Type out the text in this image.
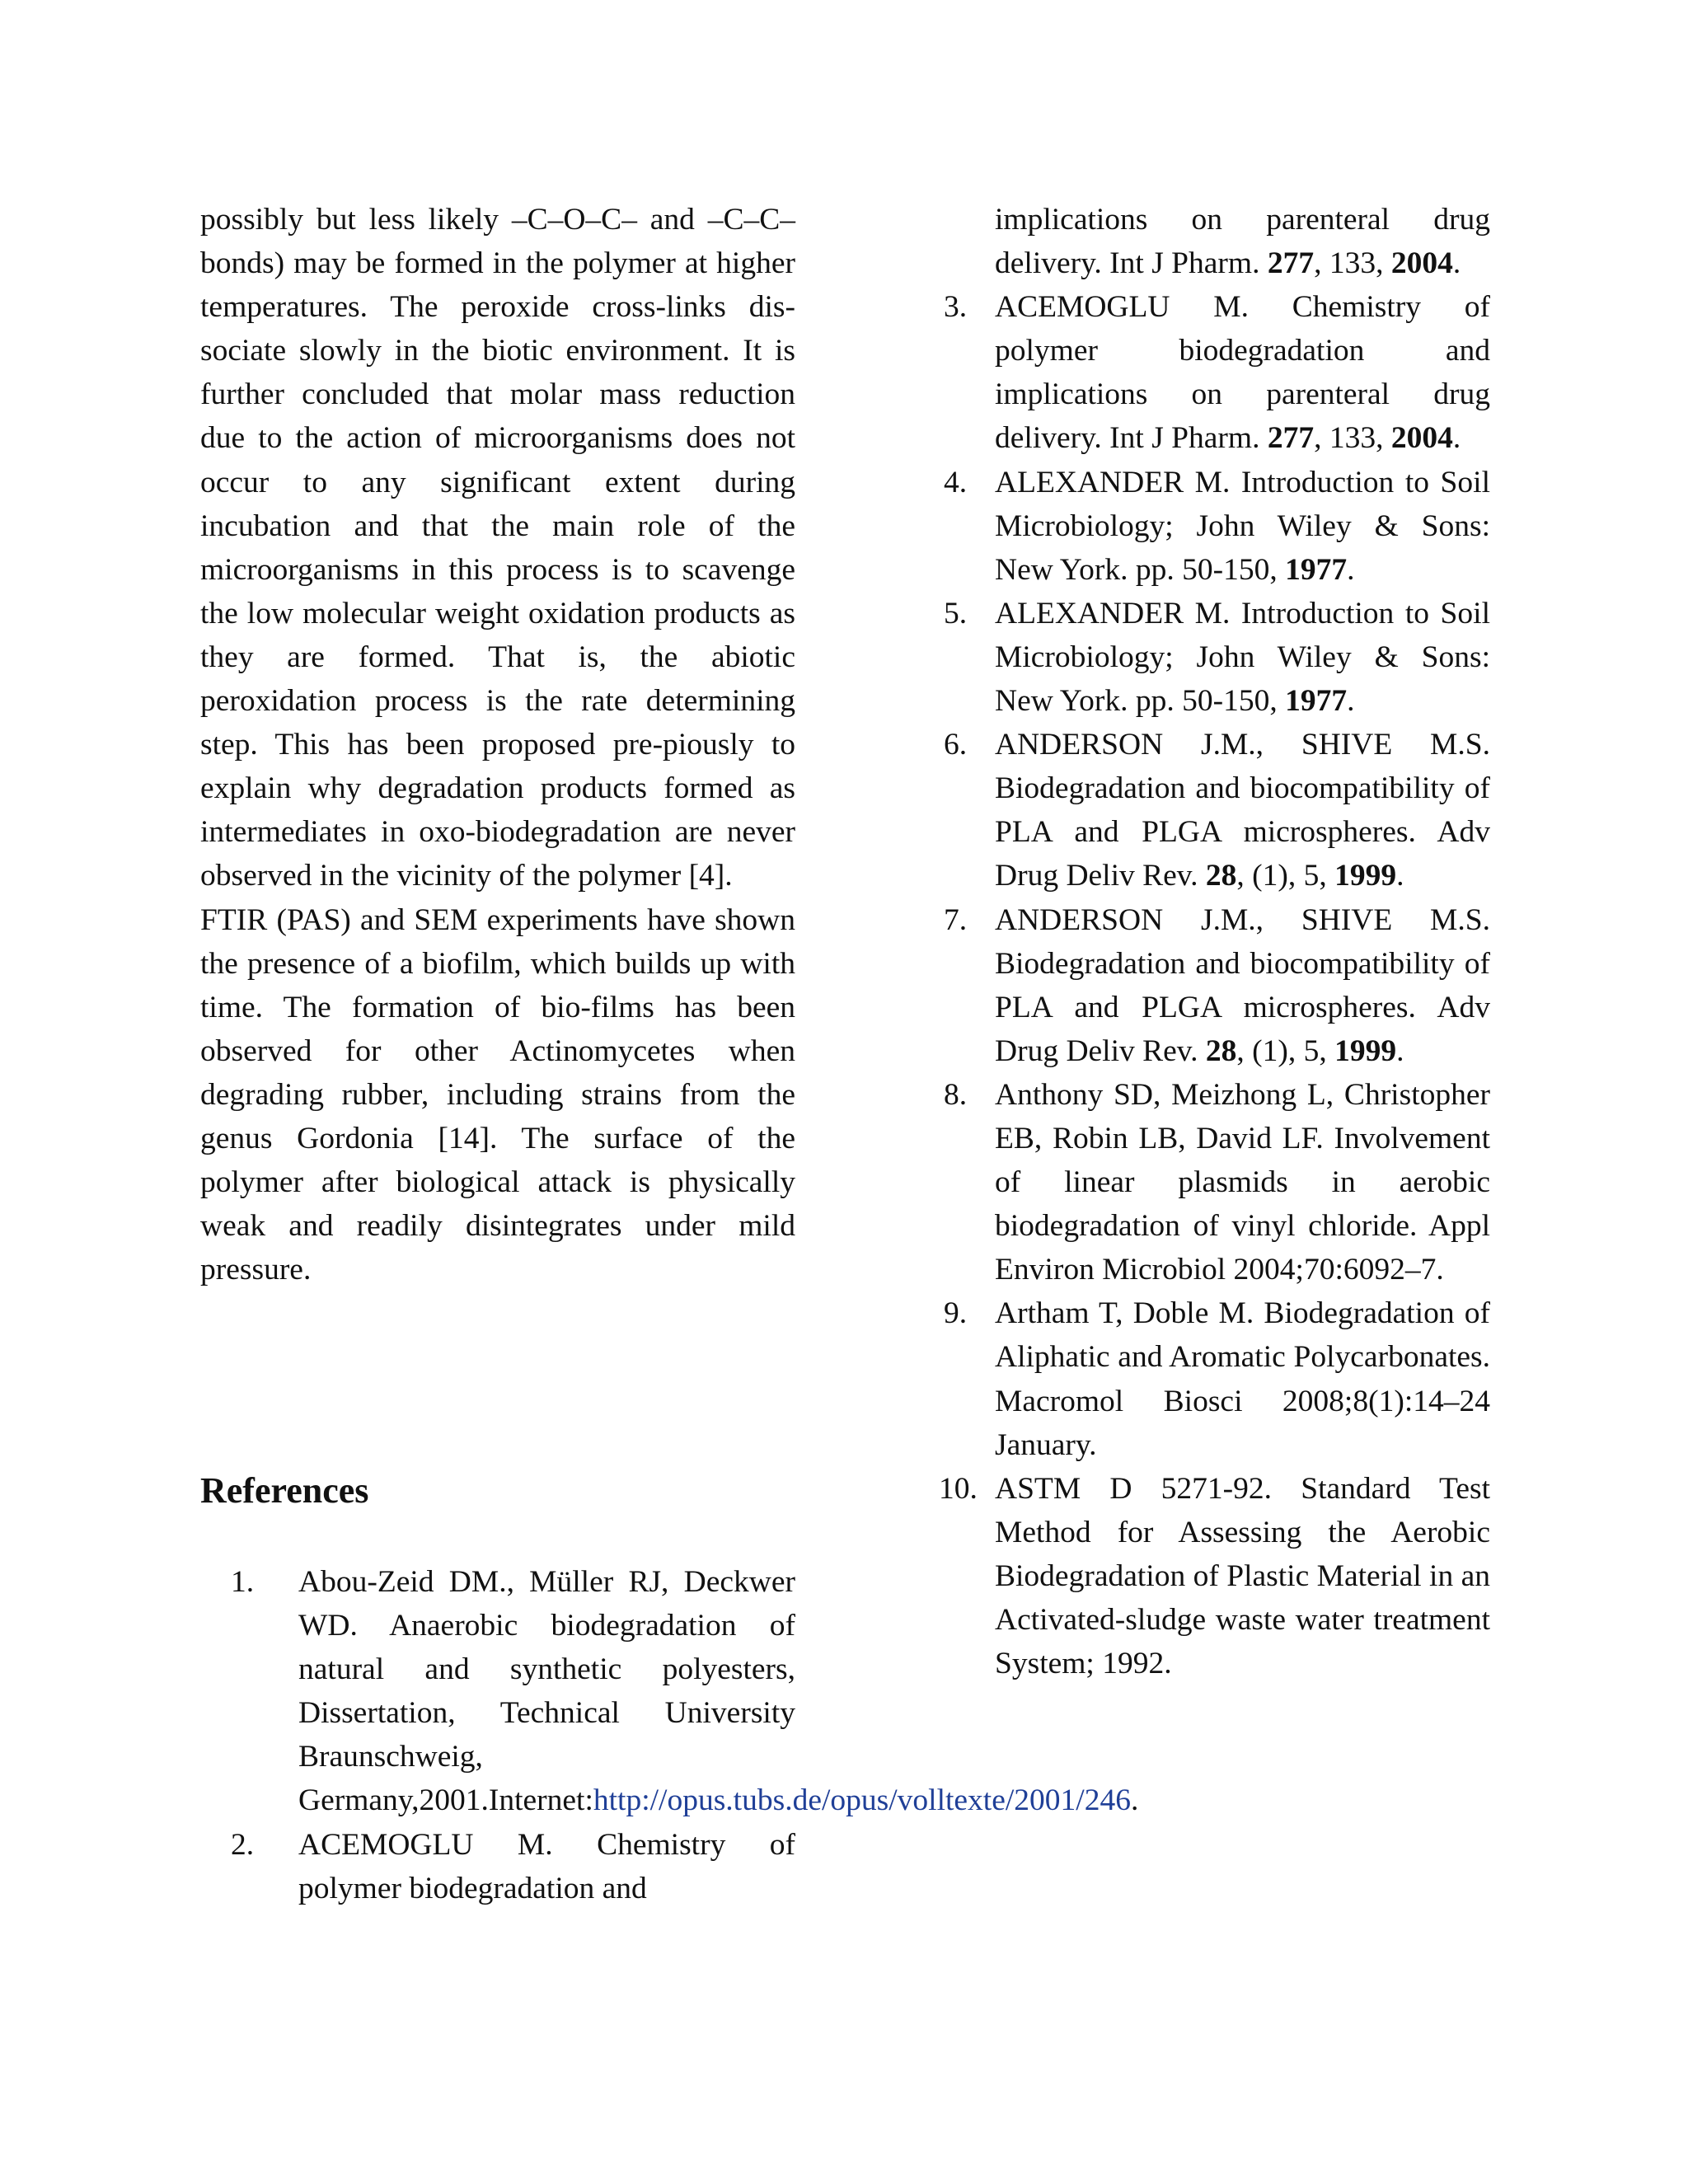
possibly but less likely –C–O–C– and –C–C– bonds) may be formed in the polymer at higher temperatures. The peroxide cross-links dis-sociate slowly in the biotic environment. It is further concluded that molar mass reduction due to the action of microorganisms does not occur to any significant extent during incubation and that the main role of the microorganisms in this process is to scavenge the low molecular weight oxidation products as they are formed. That is, the abiotic peroxidation process is the rate determining step. This has been proposed pre-piously to explain why degradation products formed as intermediates in oxo-biodegradation are never observed in the vicinity of the polymer [4].

FTIR (PAS) and SEM experiments have shown the presence of a biofilm, which builds up with time. The formation of bio-films has been observed for other Actinomycetes when degrading rubber, including strains from the genus Gordonia [14]. The surface of the polymer after biological attack is physically weak and readily disintegrates under mild pressure.

References
1. Abou-Zeid DM., Müller RJ, Deckwer WD. Anaerobic biodegradation of natural and synthetic polyesters, Dissertation, Technical University Braunschweig, Germany,2001.Internet:http://opus.tubs.de/opus/volltexte/2001/246.
2. ACEMOGLU M. Chemistry of polymer biodegradation and

implications on parenteral drug delivery. Int J Pharm. 277, 133, 2004.

3. ACEMOGLU M. Chemistry of polymer biodegradation and implications on parenteral drug delivery. Int J Pharm. 277, 133, 2004.
4. ALEXANDER M. Introduction to Soil Microbiology; John Wiley & Sons: New York. pp. 50-150, 1977.
5. ALEXANDER M. Introduction to Soil Microbiology; John Wiley & Sons: New York. pp. 50-150, 1977.
6. ANDERSON J.M., SHIVE M.S. Biodegradation and biocompatibility of PLA and PLGA microspheres. Adv Drug Deliv Rev. 28, (1), 5, 1999.
7. ANDERSON J.M., SHIVE M.S. Biodegradation and biocompatibility of PLA and PLGA microspheres. Adv Drug Deliv Rev. 28, (1), 5, 1999.
8. Anthony SD, Meizhong L, Christopher EB, Robin LB, David LF. Involvement of linear plasmids in aerobic biodegradation of vinyl chloride. Appl Environ Microbiol 2004;70:6092–7.
9. Artham T, Doble M. Biodegradation of Aliphatic and Aromatic Polycarbonates. Macromol Biosci 2008;8(1):14–24 January.
10. ASTM D 5271-92. Standard Test Method for Assessing the Aerobic Biodegradation of Plastic Material in an Activated-sludge waste water treatment System; 1992.
